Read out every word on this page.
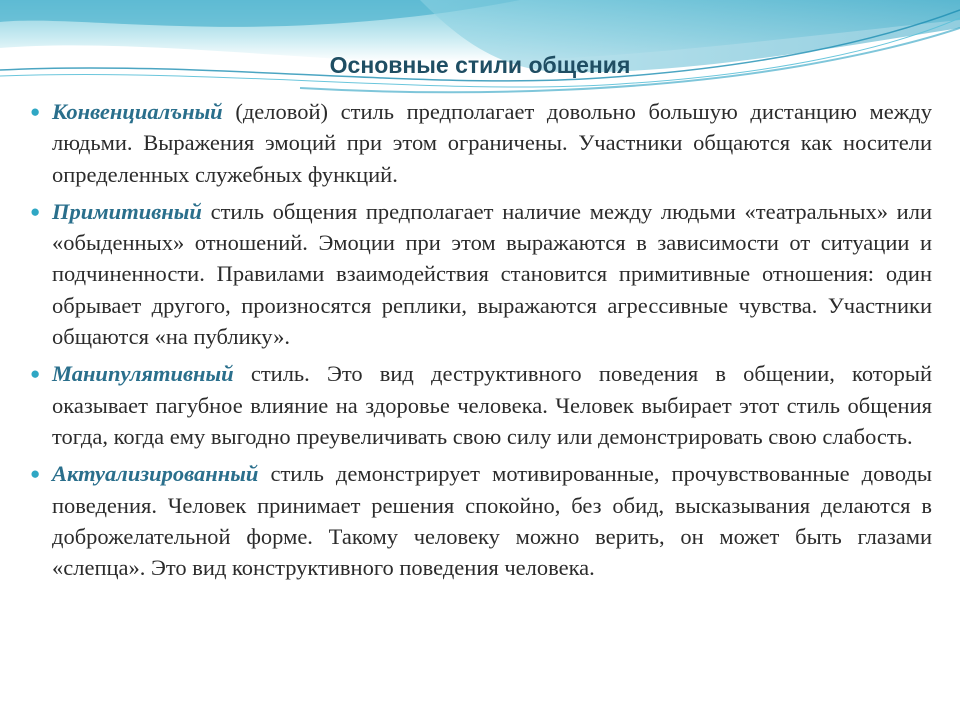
Основные стили общения
● Конвенциалъный (деловой) стиль предполагает довольно большую дистанцию между людьми. Выражения эмоций при этом ограничены. Участники общаются как носители определенных служебных функций.
● Примитивный стиль общения предполагает наличие между людьми «театральных» или «обыденных» отношений. Эмоции при этом выражаются в зависимости от ситуации и подчиненности. Правилами взаимодействия становится примитивные отношения: один обрывает другого, произносятся реплики, выражаются агрессивные чувства. Участники общаются «на публику».
● Манипулятивный стиль. Это вид деструктивного поведения в общении, который оказывает пагубное влияние на здоровье человека. Человек выбирает этот стиль общения тогда, когда ему выгодно преувеличивать свою силу или демонстрировать свою слабость.
● Актуализированный стиль демонстрирует мотивированные, прочувствованные доводы поведения. Человек принимает решения спокойно, без обид, высказывания делаются в доброжелательной форме. Такому человеку можно верить, он может быть глазами «слепца». Это вид конструктивного поведения человека.
